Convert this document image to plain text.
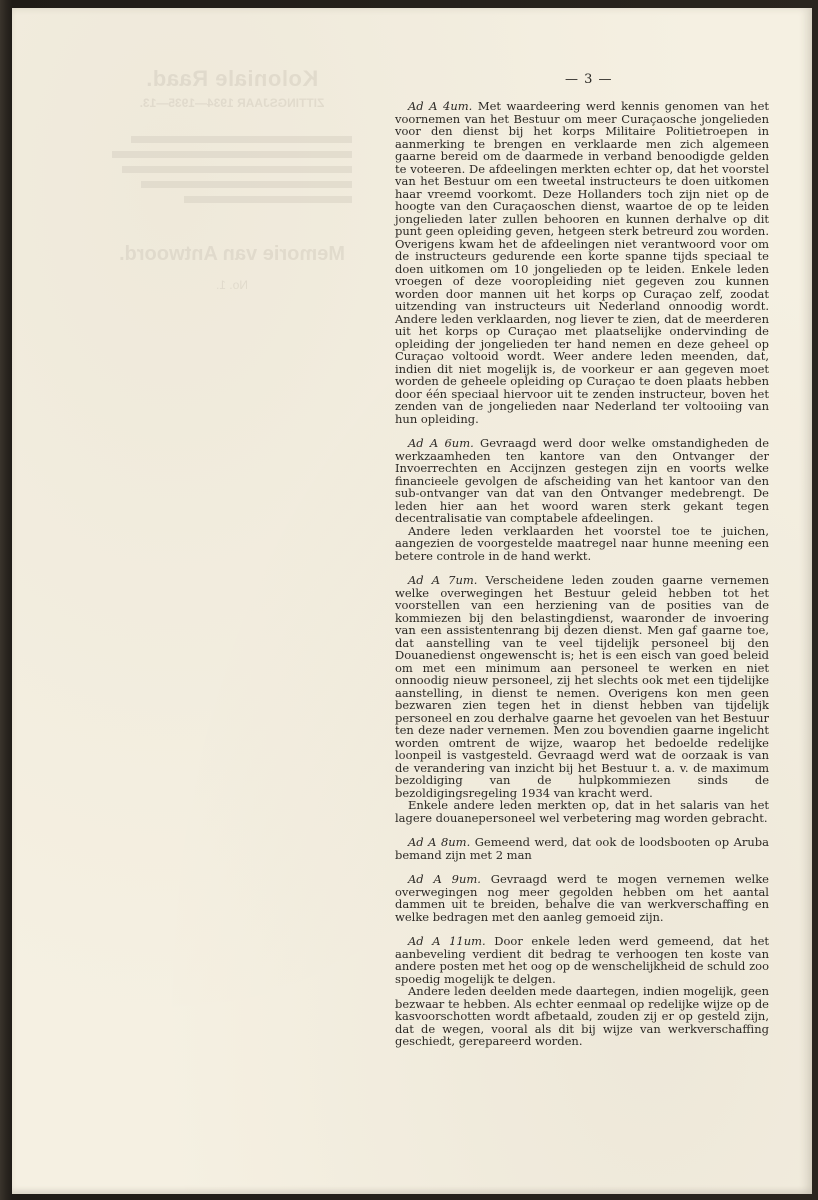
Koloniale Raad.
ZITTINGSJAAR 1934—1935—13.
Memorie van Antwoord.
No. 1.
— 3 —

Ad A 4um. Met waardeering werd kennis genomen van het voornemen van het Bestuur om meer Curaçaosche jongelieden voor den dienst bij het korps Militaire Politietroepen in aanmerking te brengen en verklaarde men zich algemeen gaarne bereid om de daarmede in verband benoodigde gelden te voteeren. De afdeelingen merkten echter op, dat het voorstel van het Bestuur om een tweetal instructeurs te doen uitkomen haar vreemd voorkomt. Deze Hollanders toch zijn niet op de hoogte van den Curaçaoschen dienst, waartoe de op te leiden jongelieden later zullen behooren en kunnen derhalve op dit punt geen opleiding geven, hetgeen sterk betreurd zou worden. Overigens kwam het de afdeelingen niet verantwoord voor om de instructeurs gedurende een korte spanne tijds speciaal te doen uitkomen om 10 jongelieden op te leiden. Enkele leden vroegen of deze vooropleiding niet gegeven zou kunnen worden door mannen uit het korps op Curaçao zelf, zoodat uitzending van instructeurs uit Nederland onnoodig wordt. Andere leden verklaarden, nog liever te zien, dat de meerderen uit het korps op Curaçao met plaatselijke ondervinding de opleiding der jongelieden ter hand nemen en deze geheel op Curaçao voltooid wordt. Weer andere leden meenden, dat, indien dit niet mogelijk is, de voorkeur er aan gegeven moet worden de geheele opleiding op Curaçao te doen plaats hebben door één speciaal hiervoor uit te zenden instructeur, boven het zenden van de jongelieden naar Nederland ter voltooiing van hun opleiding.

Ad A 6um. Gevraagd werd door welke omstandigheden de werkzaamheden ten kantore van den Ontvanger der Invoerrechten en Accijnzen gestegen zijn en voorts welke financieele gevolgen de afscheiding van het kantoor van den sub-ontvanger van dat van den Ontvanger medebrengt. De leden hier aan het woord waren sterk gekant tegen decentralisatie van comptabele afdeelingen.

Andere leden verklaarden het voorstel toe te juichen, aangezien de voorgestelde maatregel naar hunne meening een betere controle in de hand werkt.

Ad A 7um. Verscheidene leden zouden gaarne vernemen welke overwegingen het Bestuur geleid hebben tot het voorstellen van een herziening van de posities van de kommiezen bij den belastingdienst, waaronder de invoering van een assistentenrang bij dezen dienst. Men gaf gaarne toe, dat aanstelling van te veel tijdelijk personeel bij den Douanedienst ongewenscht is; het is een eisch van goed beleid om met een minimum aan personeel te werken en niet onnoodig nieuw personeel, zij het slechts ook met een tijdelijke aanstelling, in dienst te nemen. Overigens kon men geen bezwaren zien tegen het in dienst hebben van tijdelijk personeel en zou derhalve gaarne het gevoelen van het Bestuur ten deze nader vernemen. Men zou bovendien gaarne ingelicht worden omtrent de wijze, waarop het bedoelde redelijke loonpeil is vastgesteld. Gevraagd werd wat de oorzaak is van de verandering van inzicht bij het Bestuur t. a. v. de maximum bezoldiging van de hulpkommiezen sinds de bezoldigingsregeling 1934 van kracht werd.

Enkele andere leden merkten op, dat in het salaris van het lagere douanepersoneel wel verbetering mag worden gebracht.

Ad A 8um. Gemeend werd, dat ook de loodsbooten op Aruba bemand zijn met 2 man

Ad A 9um. Gevraagd werd te mogen vernemen welke overwegingen nog meer gegolden hebben om het aantal dammen uit te breiden, behalve die van werkverschaffing en welke bedragen met den aanleg gemoeid zijn.

Ad A 11um. Door enkele leden werd gemeend, dat het aanbeveling verdient dit bedrag te verhoogen ten koste van andere posten met het oog op de wenschelijkheid de schuld zoo spoedig mogelijk te delgen.

Andere leden deelden mede daartegen, indien mogelijk, geen bezwaar te hebben. Als echter eenmaal op redelijke wijze op de kasvoorschotten wordt afbetaald, zouden zij er op gesteld zijn, dat de wegen, vooral als dit bij wijze van werkverschaffing geschiedt, gerepareerd worden.
